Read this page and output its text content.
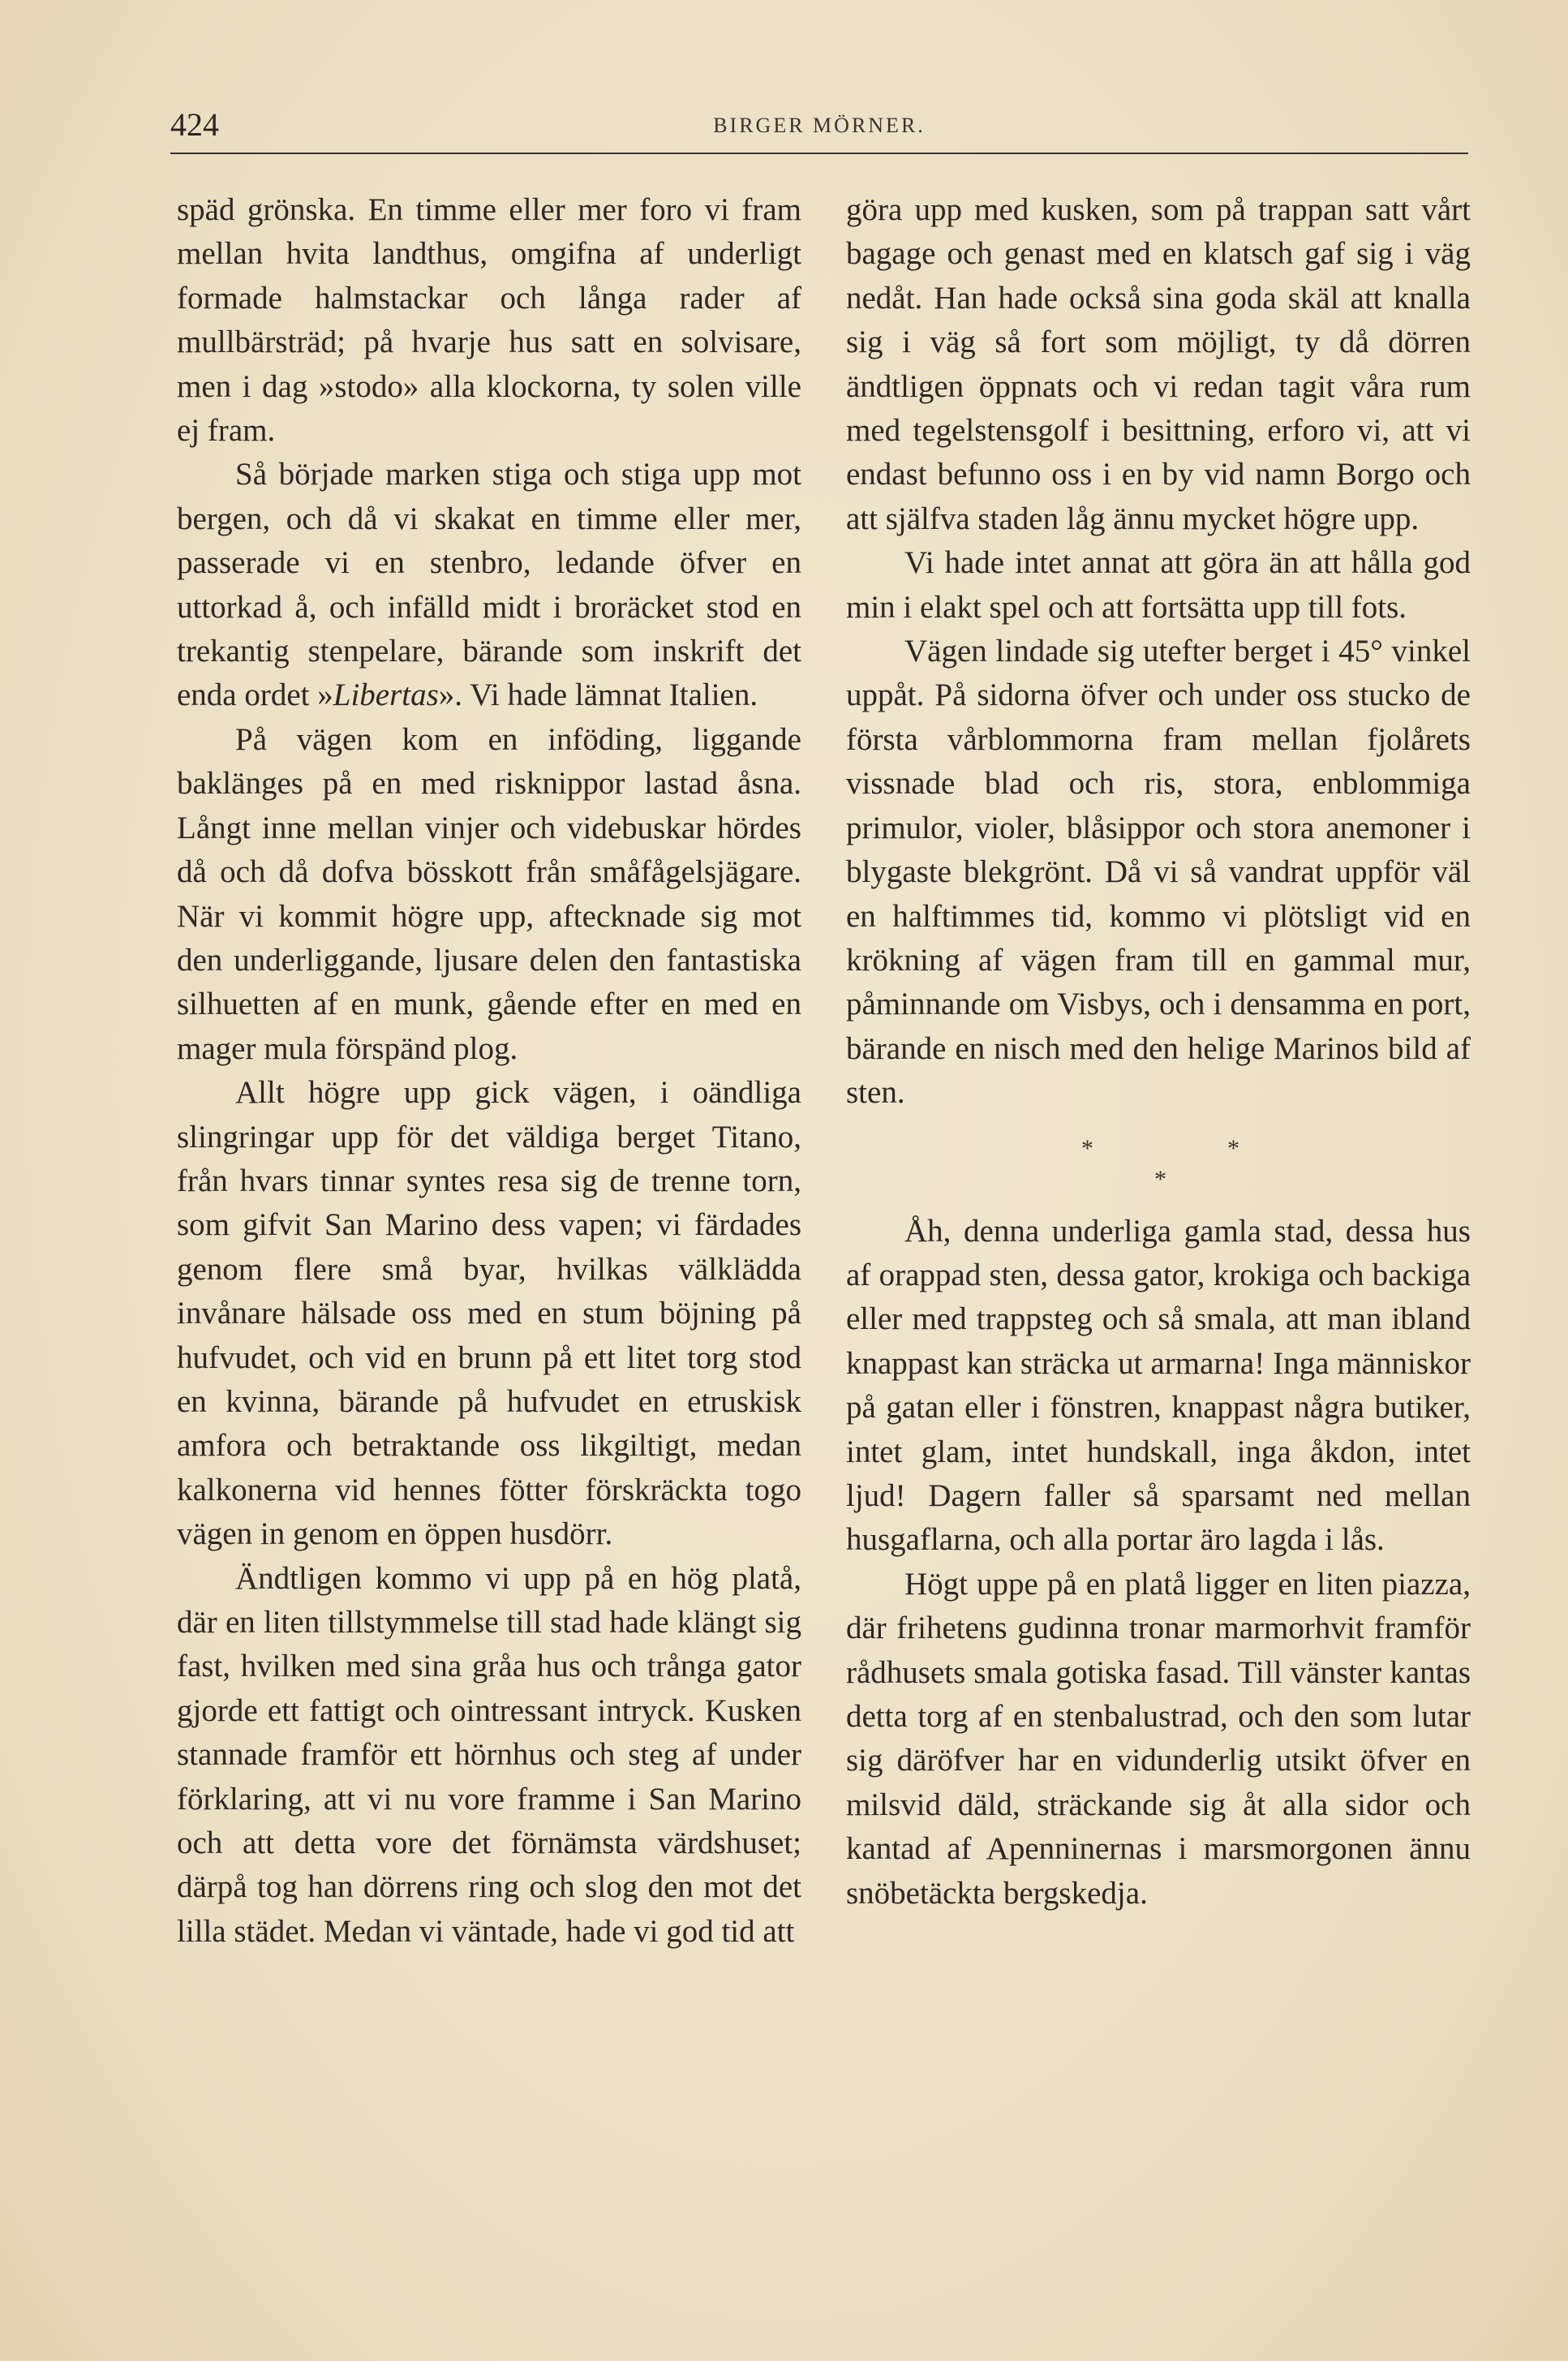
424	BIRGER MÖRNER.

späd grönska. En timme eller mer foro vi fram mellan hvita landthus, omgifna af underligt formade halmstackar och långa rader af mullbärsträd; på hvarje hus satt en solvisare, men i dag »stodo» alla klockorna, ty solen ville ej fram.

Så började marken stiga och stiga upp mot bergen, och då vi skakat en timme eller mer, passerade vi en stenbro, ledande öfver en uttorkad å, och infälld midt i broräcket stod en trekantig stenpelare, bärande som inskrift det enda ordet »Libertas». Vi hade lämnat Italien.

På vägen kom en inföding, liggande baklänges på en med risknippor lastad åsna. Långt inne mellan vinjer och videbuskar hördes då och då dofva bösskott från småfågelsjägare. När vi kommit högre upp, aftecknade sig mot den underliggande, ljusare delen den fantastiska silhuetten af en munk, gående efter en med en mager mula förspänd plog.

Allt högre upp gick vägen, i oändliga slingringar upp för det väldiga berget Titano, från hvars tinnar syntes resa sig de trenne torn, som gifvit San Marino dess vapen; vi färdades genom flere små byar, hvilkas välklädda invånare hälsade oss med en stum böjning på hufvudet, och vid en brunn på ett litet torg stod en kvinna, bärande på hufvudet en etruskisk amfora och betraktande oss likgiltigt, medan kalkonerna vid hennes fötter förskräckta togo vägen in genom en öppen husdörr.

Ändtligen kommo vi upp på en hög platå, där en liten tillstymmelse till stad hade klängt sig fast, hvilken med sina gråa hus och trånga gator gjorde ett fattigt och ointressant intryck. Kusken stannade framför ett hörnhus och steg af under förklaring, att vi nu vore framme i San Marino och att detta vore det förnämsta värdshuset; därpå tog han dörrens ring och slog den mot det lilla städet. Medan vi väntade, hade vi god tid att

göra upp med kusken, som på trappan satt vårt bagage och genast med en klatsch gaf sig i väg nedåt. Han hade också sina goda skäl att knalla sig i väg så fort som möjligt, ty då dörren ändtligen öppnats och vi redan tagit våra rum med tegelstensgolf i besittning, erforo vi, att vi endast befunno oss i en by vid namn Borgo och att själfva staden låg ännu mycket högre upp.

Vi hade intet annat att göra än att hålla god min i elakt spel och att fortsätta upp till fots.

Vägen lindade sig utefter berget i 45° vinkel uppåt. På sidorna öfver och under oss stucko de första vårblommorna fram mellan fjolårets vissnade blad och ris, stora, enblommiga primulor, violer, blåsippor och stora anemoner i blygaste blekgrönt. Då vi så vandrat uppför väl en halftimmes tid, kommo vi plötsligt vid en krökning af vägen fram till en gammal mur, påminnande om Visbys, och i densamma en port, bärande en nisch med den helige Marinos bild af sten.

*	*
*

Åh, denna underliga gamla stad, dessa hus af orappad sten, dessa gator, krokiga och backiga eller med trappsteg och så smala, att man ibland knappast kan sträcka ut armarna! Inga människor på gatan eller i fönstren, knappast några butiker, intet glam, intet hundskall, inga åkdon, intet ljud! Dagern faller så sparsamt ned mellan husgaflarna, och alla portar äro lagda i lås.

Högt uppe på en platå ligger en liten piazza, där frihetens gudinna tronar marmorhvit framför rådhusets smala gotiska fasad. Till vänster kantas detta torg af en stenbalustrad, och den som lutar sig däröfver har en vidunderlig utsikt öfver en milsvid däld, sträckande sig åt alla sidor och kantad af Apenninernas i marsmorgonen ännu snöbetäckta bergskedja.
